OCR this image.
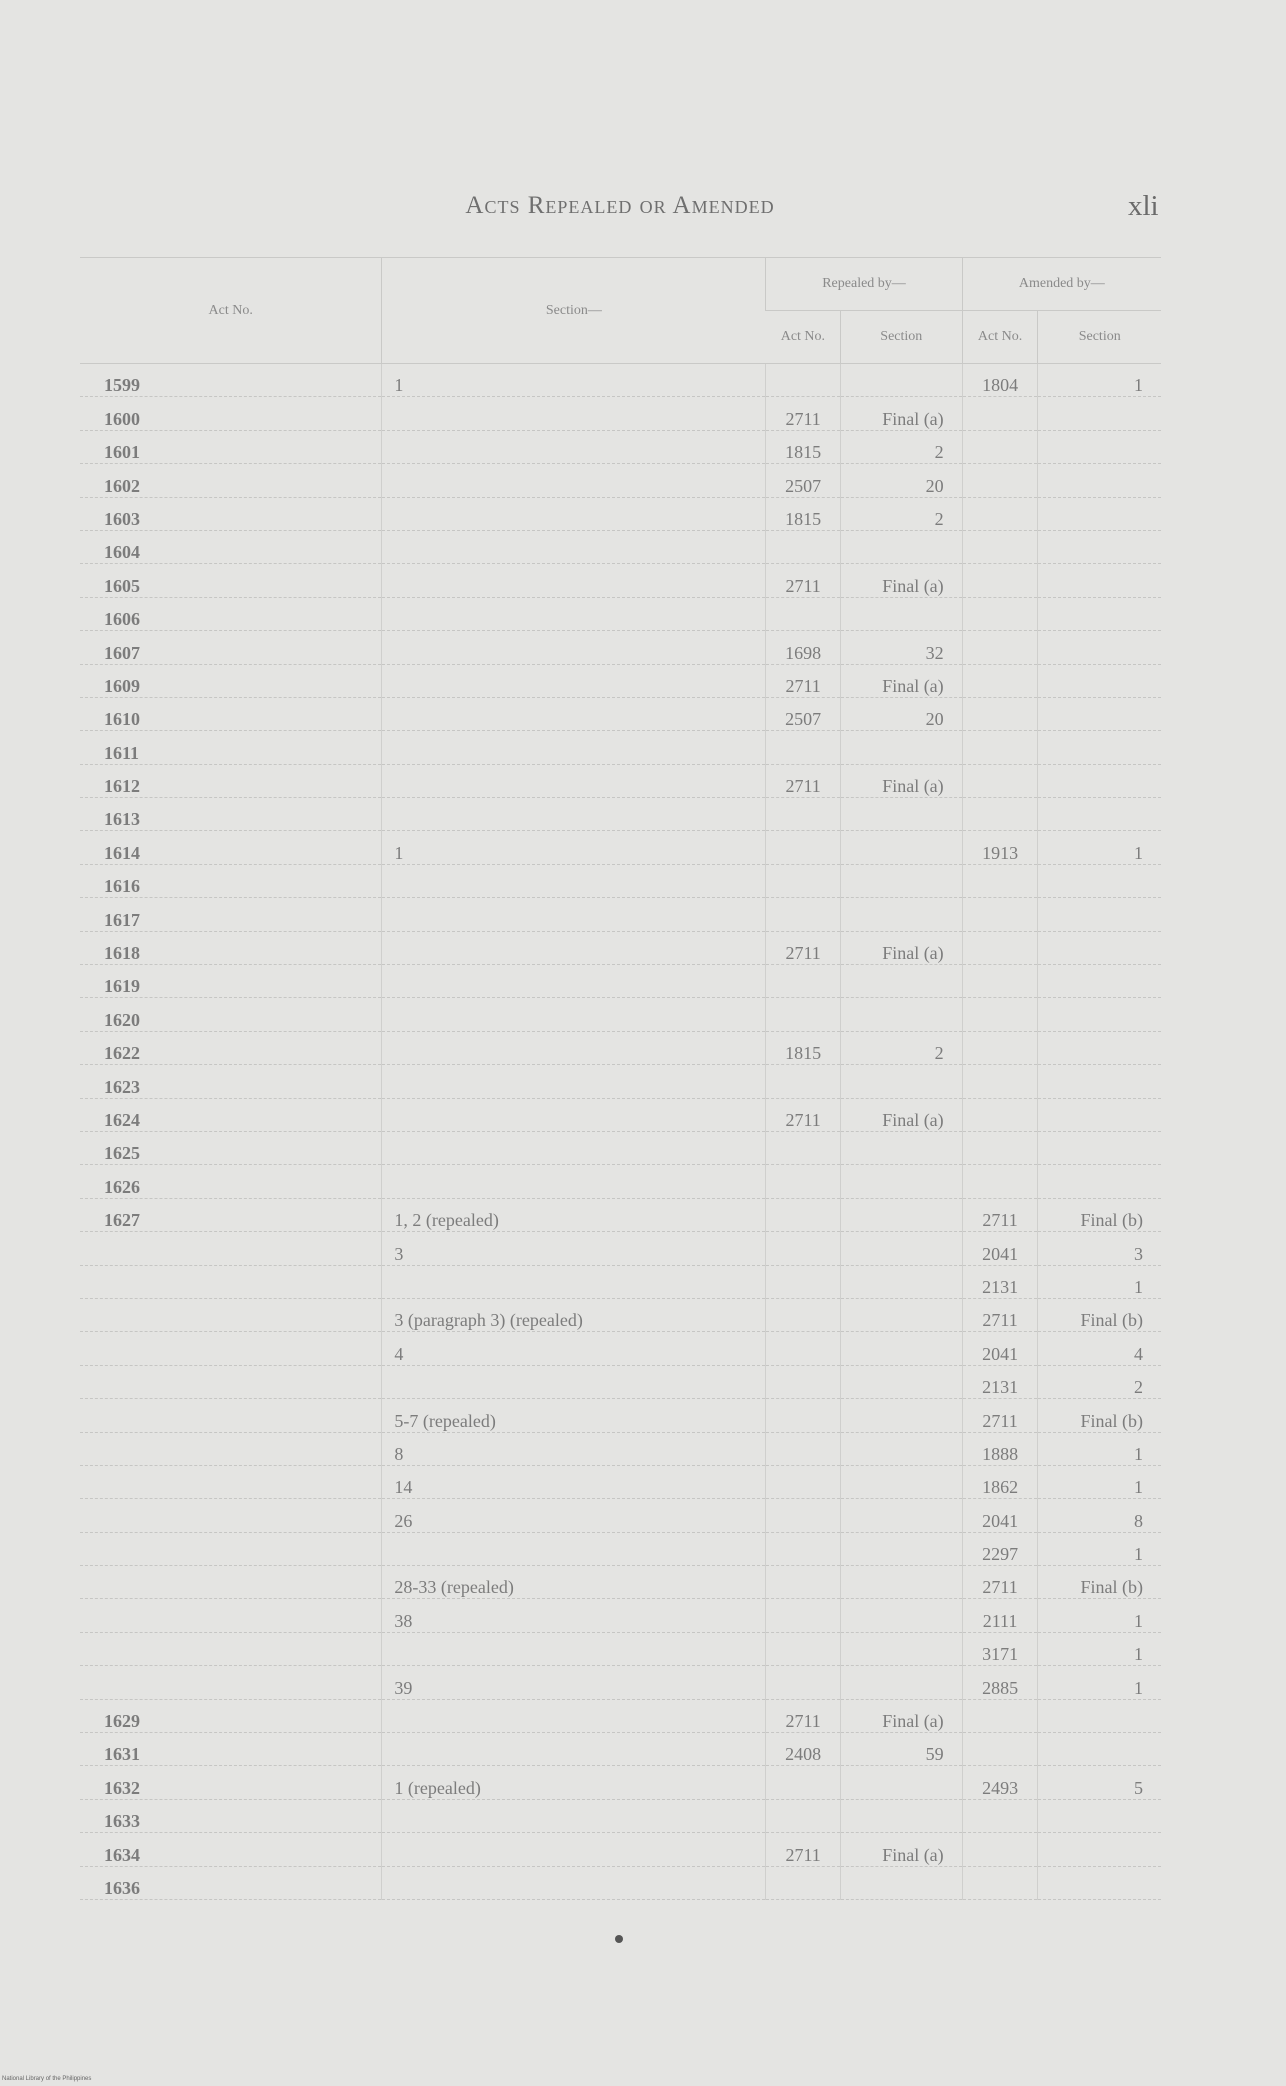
Acts Repealed or Amended	xli
Act No.	Section—	Repealed by—		Amended by—	
		Act No.	Section	Act No.	Section
1599	1			1804	1
1600		2711	Final (a)		
1601		1815	2		
1602		2507	20		
1603		1815	2		
1604					
1605		2711	Final (a)		
1606					
1607		1698	32		
1609		2711	Final (a)		
1610		2507	20		
1611					
1612		2711	Final (a)		
1613					
1614	1			1913	1
1616					
1617					
1618		2711	Final (a)		
1619					
1620					
1622		1815	2		
1623					
1624		2711	Final (a)		
1625					
1626					
1627	1, 2 (repealed)			2711	Final (b)
	3			2041	3
				2131	1
	3 (paragraph 3) (repealed)			2711	Final (b)
	4			2041	4
				2131	2
	5-7 (repealed)			2711	Final (b)
	8			1888	1
	14			1862	1
	26			2041	8
				2297	1
	28-33 (repealed)			2711	Final (b)
	38			2111	1
				3171	1
	39			2885	1
1629		2711	Final (a)		
1631		2408	59		
1632	1 (repealed)			2493	5
1633					
1634		2711	Final (a)		
1636					
National Library of the Philippines
